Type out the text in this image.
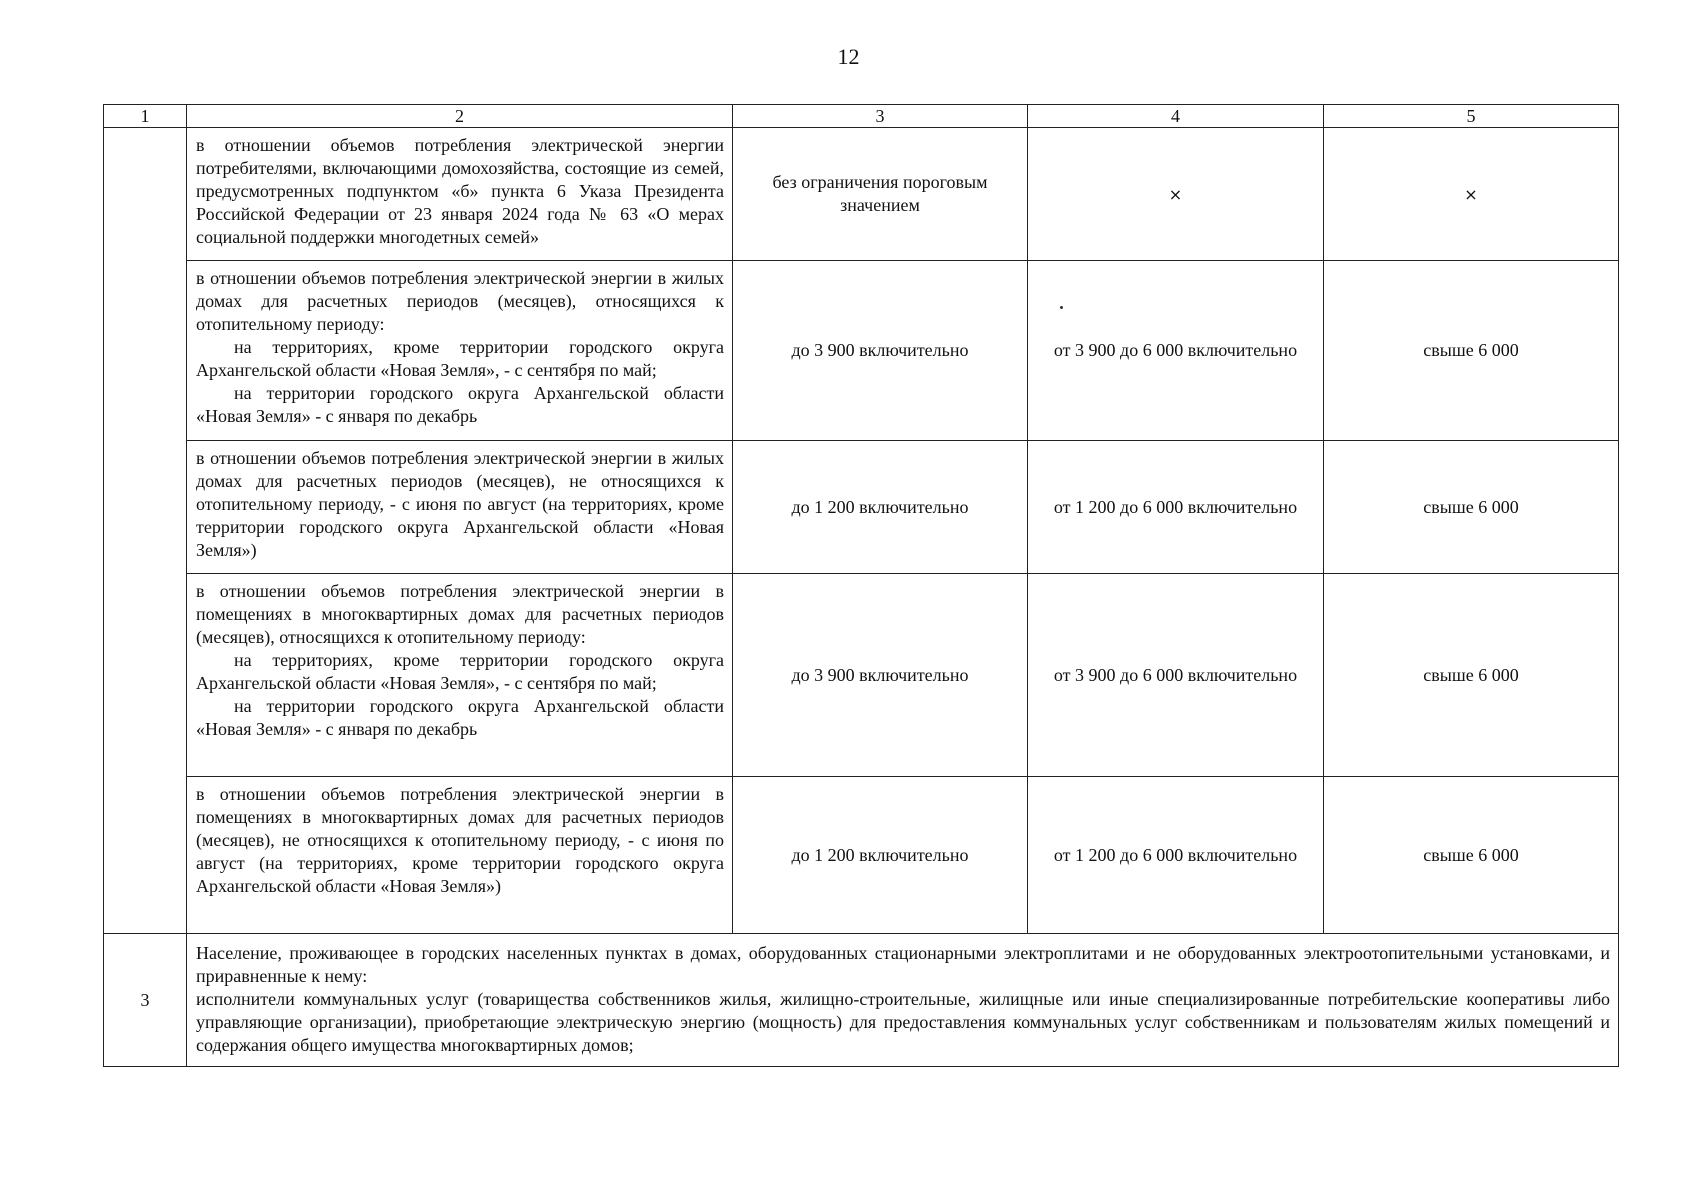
12
1	2	3	4	5

	в отношении объемов потребления электрической энергии потребителями, включающими домохозяйства, состоящие из семей, предусмотренных подпунктом «б» пункта 6 Указа Президента Российской Федерации от 23 января 2024 года № 63 «О мерах социальной поддержки многодетных семей»	без ограничения пороговым значением	×	×

	в отношении объемов потребления электрической энергии в жилых домах для расчетных периодов (месяцев), относящихся к отопительному периоду:
на территориях, кроме территории городского округа Архангельской области «Новая Земля», - с сентября по май;
на территории городского округа Архангельской области «Новая Земля» - с января по декабрь	до 3 900 включительно	от 3 900 до 6 000 включительно	свыше 6 000

	в отношении объемов потребления электрической энергии в жилых домах для расчетных периодов (месяцев), не относящихся к отопительному периоду, - с июня по август (на территориях, кроме территории городского округа Архангельской области «Новая Земля»)	до 1 200 включительно	от 1 200 до 6 000 включительно	свыше 6 000

	в отношении объемов потребления электрической энергии в помещениях в многоквартирных домах для расчетных периодов (месяцев), относящихся к отопительному периоду:
на территориях, кроме территории городского округа Архангельской области «Новая Земля», - с сентября по май;
на территории городского округа Архангельской области «Новая Земля» - с января по декабрь	до 3 900 включительно	от 3 900 до 6 000 включительно	свыше 6 000

	в отношении объемов потребления электрической энергии в помещениях в многоквартирных домах для расчетных периодов (месяцев), не относящихся к отопительному периоду, - с июня по август (на территориях, кроме территории городского округа Архангельской области «Новая Земля»)	до 1 200 включительно	от 1 200 до 6 000 включительно	свыше 6 000
3	Население, проживающее в городских населенных пунктах в домах, оборудованных стационарными электроплитами и не оборудованных электроотопительными установками, и приравненные к нему:
исполнители коммунальных услуг (товарищества собственников жилья, жилищно-строительные, жилищные или иные специализированные потребительские кооперативы либо управляющие организации), приобретающие электрическую энергию (мощность) для предоставления коммунальных услуг собственникам и пользователям жилых помещений и содержания общего имущества многоквартирных домов;			
